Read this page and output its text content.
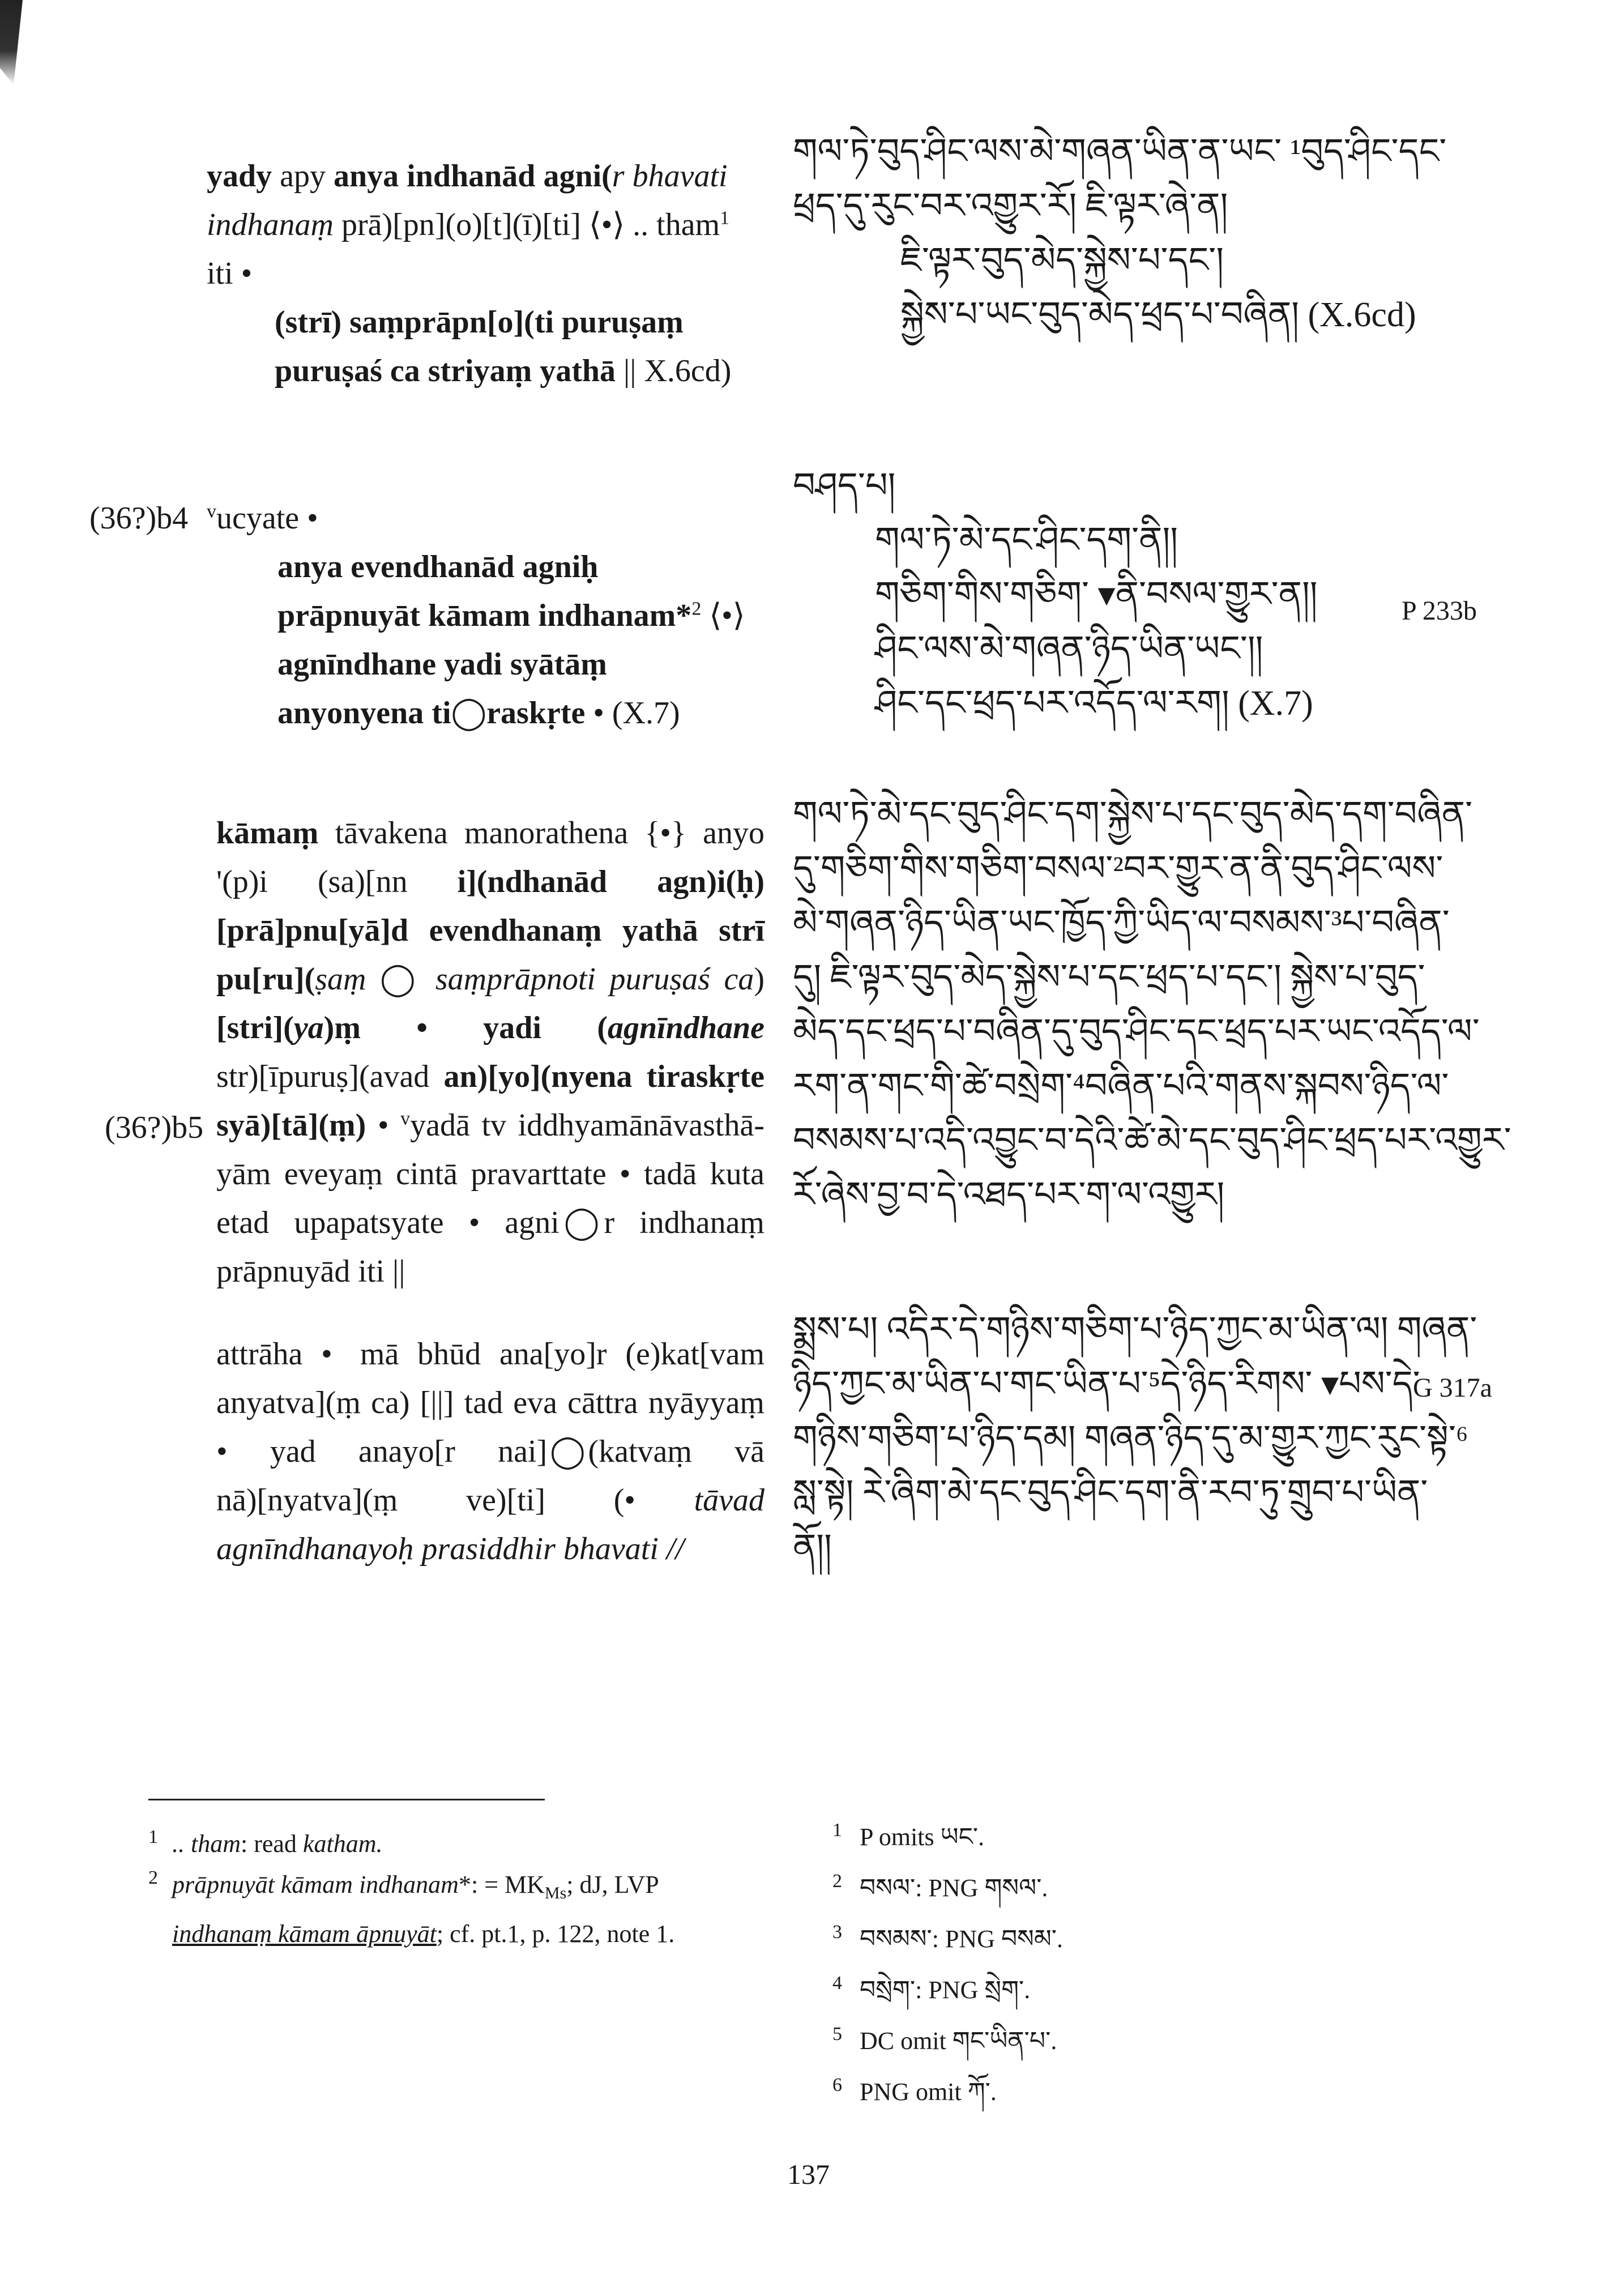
yady apy anya indhanād agni(r bhavati
indhanaṃ prā)[pn](o)[t](ī)[ti] ⟨•⟩ .. tham$^1$
iti •
(strī) saṃprāpn[o](ti puruṣaṃ
puruṣaś ca striyaṃ yathā || X.6cd)
གལ་ཏེ་བུད་ཤིང་ལས་མེ་གཞན་ཡིན་ན་ཡང་ ¹བུད་ཤིང་དང་
ཕྲད་དུ་རུང་བར་འགྱུར་རོ། ཇི་ལྟར་ཞེ་ན།
ཇི་ལྟར་བུད་མེད་སྐྱེས་པ་དང་།
སྐྱེས་པ་ཡང་བུད་མེད་ཕྲད་པ་བཞིན། (X.6cd)
(36?)b4 $^v$ucyate •
anya evendhanād agniḥ
prāpnuyāt kāmam indhanam*$^2$ ⟨•⟩
agnīndhane yadi syātāṃ
anyonyena ti◯raskṛte • (X.7)
བཤད་པ།
གལ་ཏེ་མེ་དང་ཤིང་དག་ནི།།
གཅིག་གིས་གཅིག་ ▾ནི་བསལ་གྱུར་ན།།
ཤིང་ལས་མེ་གཞན་ཉིད་ཡིན་ཡང་།།
ཤིང་དང་ཕྲད་པར་འདོད་ལ་རག། (X.7)
P 233b
(36?)b5
kāmaṃ tāvakena manorathena {•} anyo
'(p)i   (sa)[nn   i](ndhanād   agn)i(ḥ)
[prā]pnu[yā]d evendhanaṃ yathā strī
pu[ru](ṣaṃ ◯ saṃprāpnoti puruṣaś ca)
[stri](ya)ṃ    •    yadi    (agnīndhane
str)[īpuruṣ](avad an)[yo](nyena tiraskṛte
syā)[tā](ṃ) • $^v$yadā tv iddhyamānāvasthā-
yām eveyaṃ cintā pravarttate • tadā kuta
etad  upapatsyate  •  agni◯r  indhanaṃ
prāpnuyād iti ||
གལ་ཏེ་མེ་དང་བུད་ཤིང་དག་སྐྱེས་པ་དང་བུད་མེད་དག་བཞིན་
དུ་གཅིག་གིས་གཅིག་བསལ་²བར་གྱུར་ན་ནི་བུད་ཤིང་ལས་
མེ་གཞན་ཉིད་ཡིན་ཡང་ཁྱོད་ཀྱི་ཡིད་ལ་བསམས་³པ་བཞིན་
དུ། ཇི་ལྟར་བུད་མེད་སྐྱེས་པ་དང་ཕྲད་པ་དང་། སྐྱེས་པ་བུད་
མེད་དང་ཕྲད་པ་བཞིན་དུ་བུད་ཤིང་དང་ཕྲད་པར་ཡང་འདོད་ལ་
རག་ན་གང་གི་ཚེ་བསྲེག་⁴བཞིན་པའི་གནས་སྐབས་ཉིད་ལ་
བསམས་པ་འདི་འབྱུང་བ་དེའི་ཚེ་མེ་དང་བུད་ཤིང་ཕྲད་པར་འགྱུར་
རོ་ཞེས་བྱ་བ་དེ་འཐད་པར་ག་ལ་འགྱུར།
attrāha  •   mā  bhūd  ana[yo]r  (e)kat[vam
anyatva](ṃ ca) [||] tad eva cāttra nyāyyaṃ
•    yad    anayo[r    nai]◯(katvaṃ    vā
nā)[nyatva](ṃ       ve)[ti]       (•      tāvad
agnīndhanayoḥ prasiddhir bhavati //
སྨྲས་པ། འདིར་དེ་གཉིས་གཅིག་པ་ཉིད་ཀྱང་མ་ཡིན་ལ། གཞན་
ཉིད་ཀྱང་མ་ཡིན་པ་གང་ཡིན་པ་⁵དེ་ཉིད་རིགས་ ▾པས་དེ་
གཉིས་གཅིག་པ་ཉིད་དམ། གཞན་ཉིད་དུ་མ་གྱུར་ཀྱང་རུང་སྟེ་⁶
སླ་སྟེ། རེ་ཞིག་མེ་དང་བུད་ཤིང་དག་ནི་རབ་ཏུ་གྲུབ་པ་ཡིན་
ནོ།།
G 317a
$^1$ .. tham: read katham.
$^2$ prāpnuyāt kāmam indhanam*: = $MK_{Ms}$; dJ, LVP
indhanaṃ kāmam āpnuyāt; cf. pt.1, p. 122, note 1.
$^1$ P omits ཡང་.
$^2$ བསལ་: PNG གསལ་.
$^3$ བསམས་: PNG བསམ་.
$^4$ བསྲེག་: PNG སྲེག་.
$^5$ DC omit གང་ཡིན་པ་.
$^6$ PNG omit ཀོ་.
137
